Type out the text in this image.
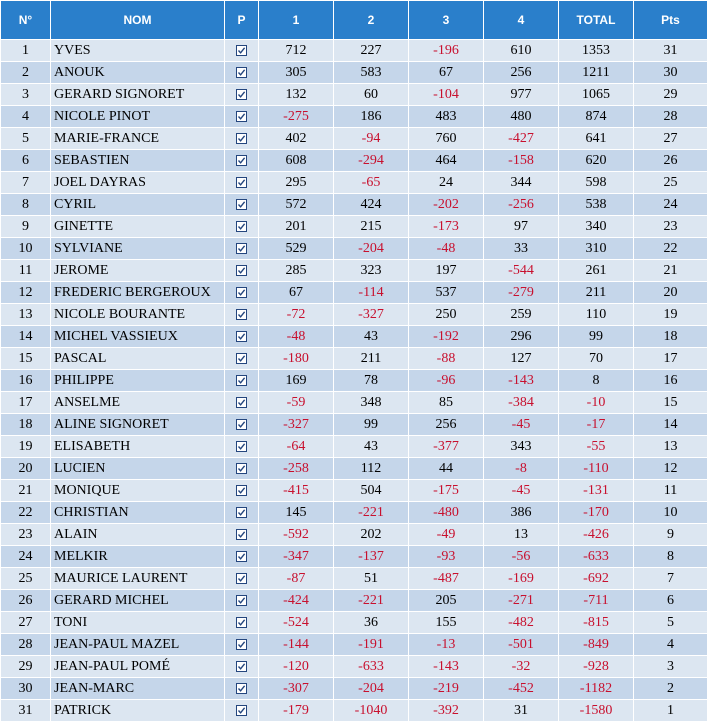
N°	NOM	P	1	2	3	4	TOTAL	Pts
1	YVES		712	227	-196	610	1353	31
2	ANOUK		305	583	67	256	1211	30
3	GERARD SIGNORET		132	60	-104	977	1065	29
4	NICOLE PINOT		-275	186	483	480	874	28
5	MARIE-FRANCE		402	-94	760	-427	641	27
6	SEBASTIEN		608	-294	464	-158	620	26
7	JOEL DAYRAS		295	-65	24	344	598	25
8	CYRIL		572	424	-202	-256	538	24
9	GINETTE		201	215	-173	97	340	23
10	SYLVIANE		529	-204	-48	33	310	22
11	JEROME		285	323	197	-544	261	21
12	FREDERIC BERGEROUX		67	-114	537	-279	211	20
13	NICOLE BOURANTE		-72	-327	250	259	110	19
14	MICHEL VASSIEUX		-48	43	-192	296	99	18
15	PASCAL		-180	211	-88	127	70	17
16	PHILIPPE		169	78	-96	-143	8	16
17	ANSELME		-59	348	85	-384	-10	15
18	ALINE SIGNORET		-327	99	256	-45	-17	14
19	ELISABETH		-64	43	-377	343	-55	13
20	LUCIEN		-258	112	44	-8	-110	12
21	MONIQUE		-415	504	-175	-45	-131	11
22	CHRISTIAN		145	-221	-480	386	-170	10
23	ALAIN		-592	202	-49	13	-426	9
24	MELKIR		-347	-137	-93	-56	-633	8
25	MAURICE LAURENT		-87	51	-487	-169	-692	7
26	GERARD MICHEL		-424	-221	205	-271	-711	6
27	TONI		-524	36	155	-482	-815	5
28	JEAN-PAUL MAZEL		-144	-191	-13	-501	-849	4
29	JEAN-PAUL POMÉ		-120	-633	-143	-32	-928	3
30	JEAN-MARC		-307	-204	-219	-452	-1182	2
31	PATRICK		-179	-1040	-392	31	-1580	1
